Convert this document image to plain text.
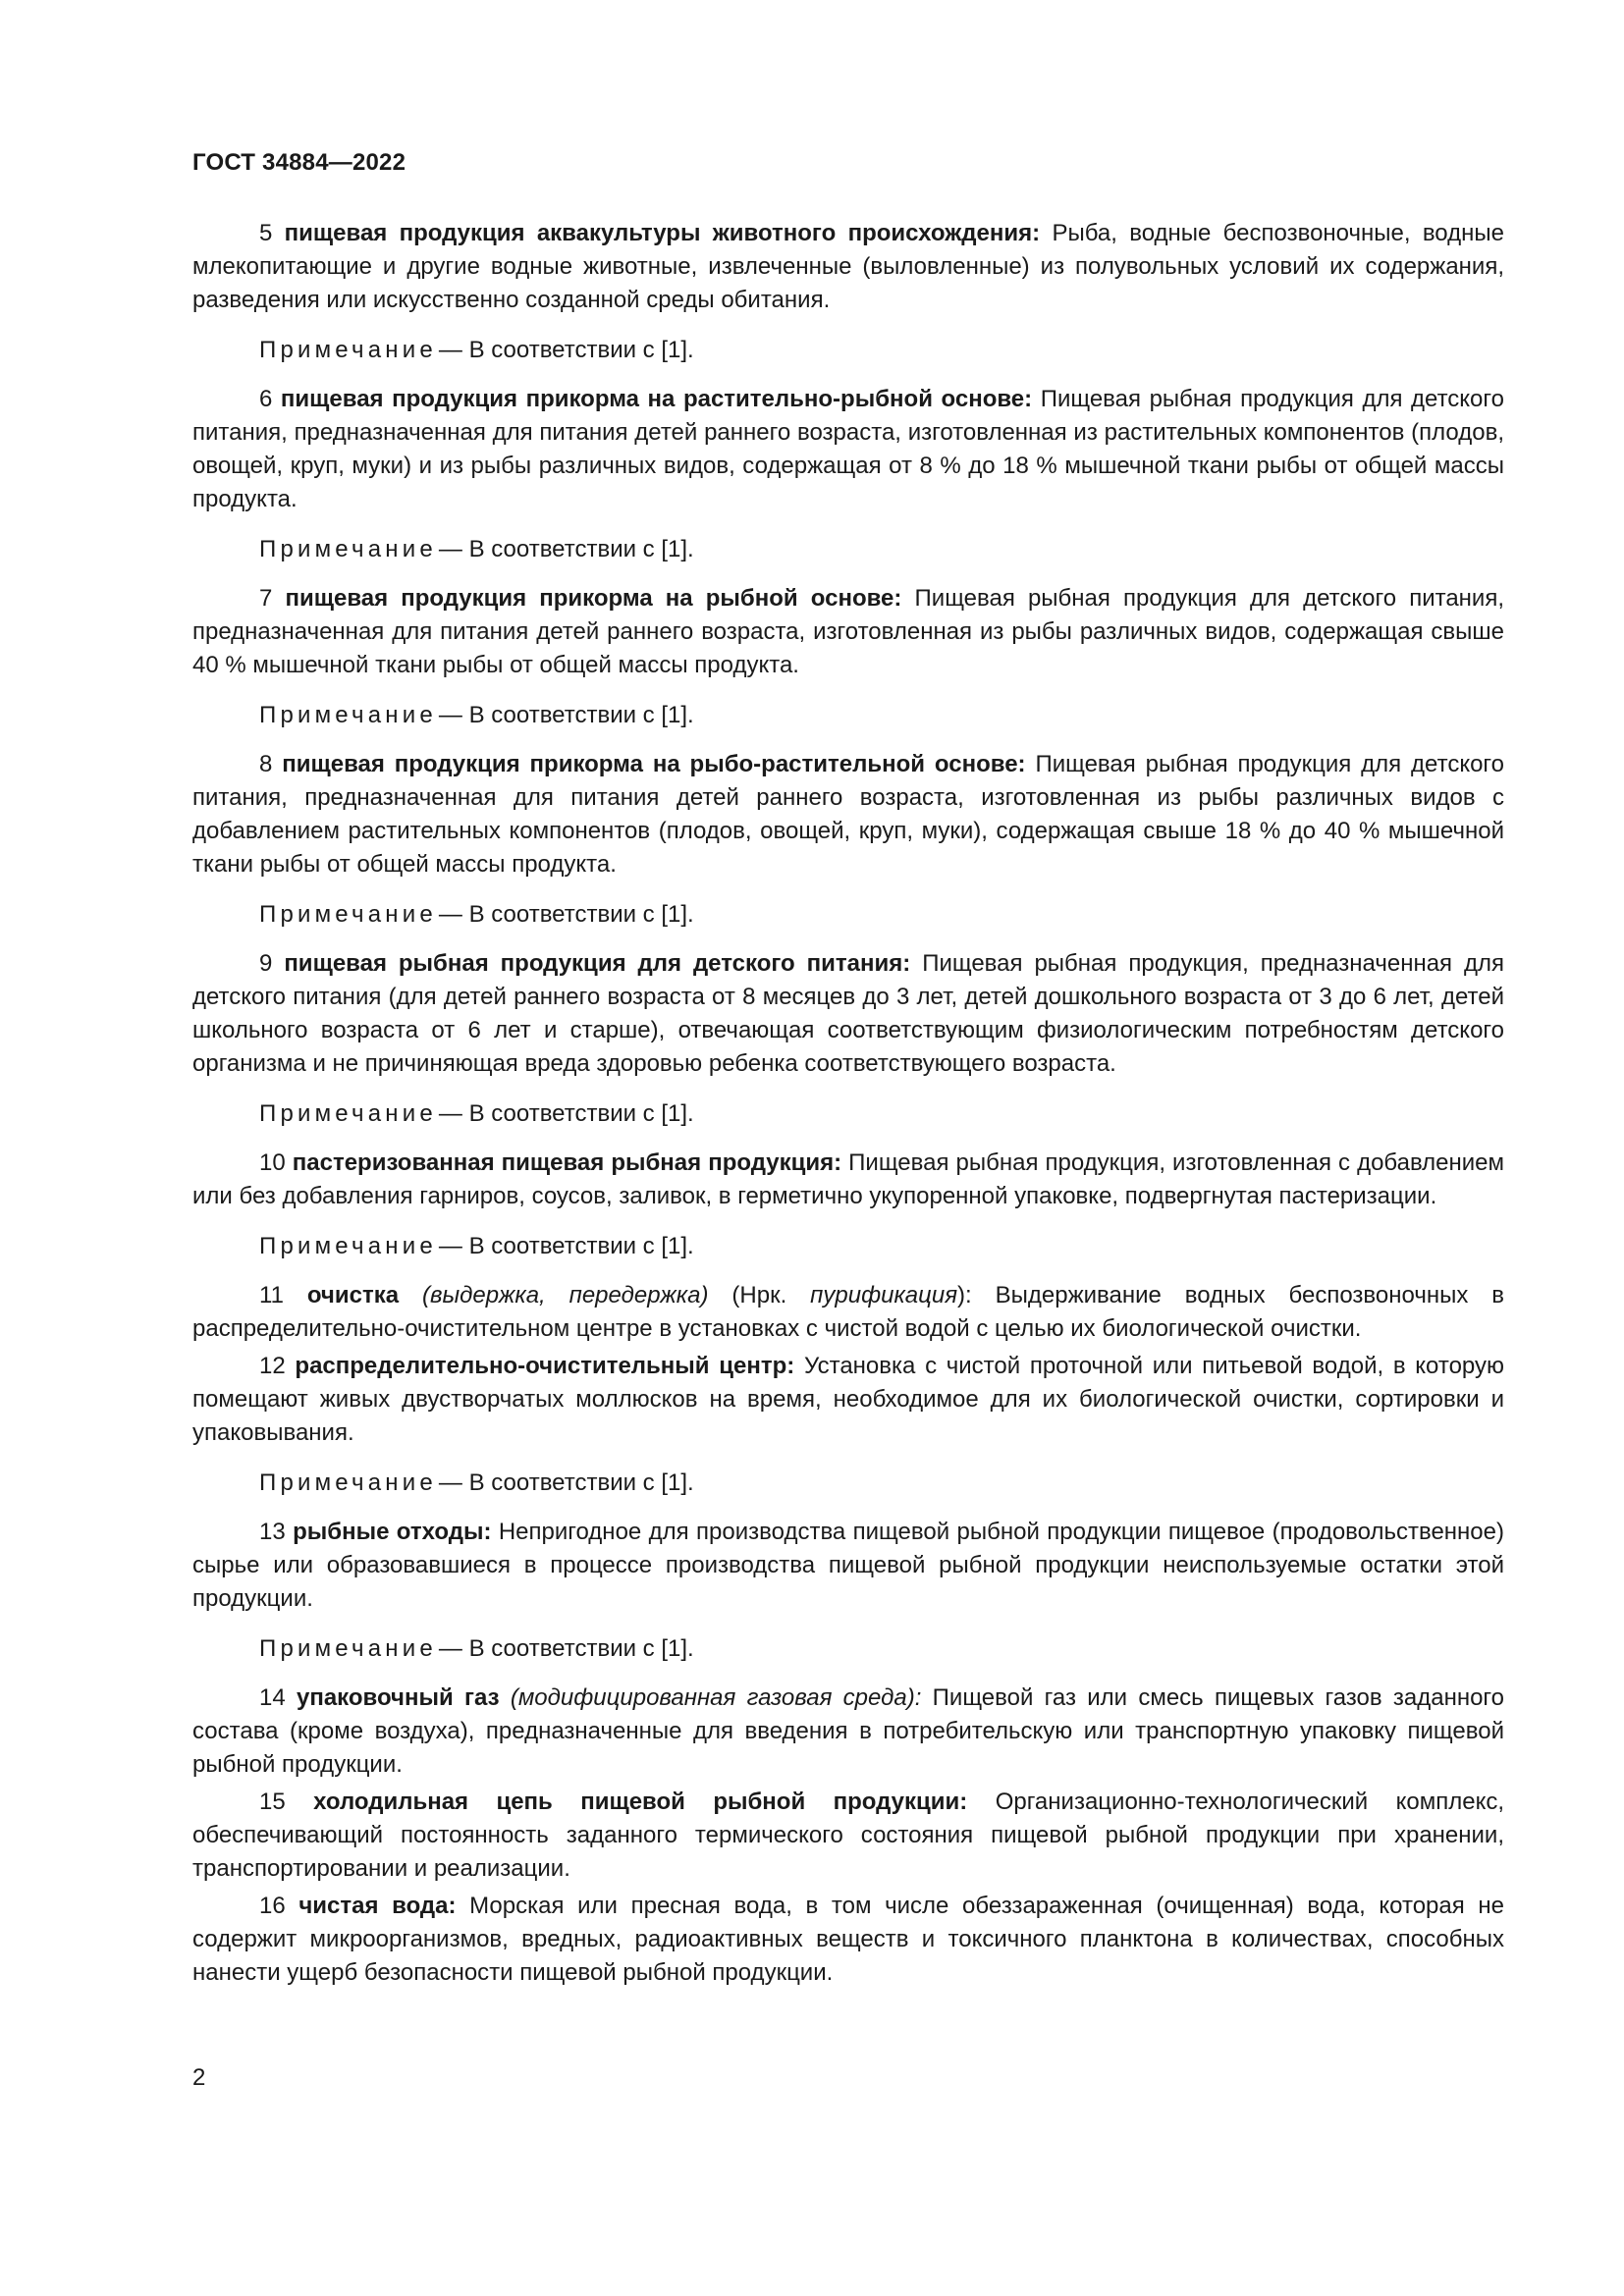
ГОСТ 34884—2022

5 пищевая продукция аквакультуры животного происхождения: Рыба, водные беспозвоночные, водные млекопитающие и другие водные животные, извлеченные (выловленные) из полувольных условий их содержания, разведения или искусственно созданной среды обитания.

Примечание— В соответствии с [1].

6 пищевая продукция прикорма на растительно-рыбной основе: Пищевая рыбная продукция для детского питания, предназначенная для питания детей раннего возраста, изготовленная из растительных компонентов (плодов, овощей, круп, муки) и из рыбы различных видов, содержащая от 8 % до 18 % мышечной ткани рыбы от общей массы продукта.

Примечание— В соответствии с [1].

7 пищевая продукция прикорма на рыбной основе: Пищевая рыбная продукция для детского питания, предназначенная для питания детей раннего возраста, изготовленная из рыбы различных видов, содержащая свыше 40 % мышечной ткани рыбы от общей массы продукта.

Примечание— В соответствии с [1].

8 пищевая продукция прикорма на рыбо-растительной основе: Пищевая рыбная продукция для детского питания, предназначенная для питания детей раннего возраста, изготовленная из рыбы различных видов с добавлением растительных компонентов (плодов, овощей, круп, муки), содержащая свыше 18 % до 40 % мышечной ткани рыбы от общей массы продукта.

Примечание— В соответствии с [1].

9 пищевая рыбная продукция для детского питания: Пищевая рыбная продукция, предназначенная для детского питания (для детей раннего возраста от 8 месяцев до 3 лет, детей дошкольного возраста от 3 до 6 лет, детей школьного возраста от 6 лет и старше), отвечающая соответствующим физиологическим потребностям детского организма и не причиняющая вреда здоровью ребенка соответствующего возраста.

Примечание— В соответствии с [1].

10 пастеризованная пищевая рыбная продукция: Пищевая рыбная продукция, изготовленная с добавлением или без добавления гарниров, соусов, заливок, в герметично укупоренной упаковке, подвергнутая пастеризации.

Примечание— В соответствии с [1].

11 очистка (выдержка, передержка) (Нрк. пурификация): Выдерживание водных беспозвоночных в распределительно-очистительном центре в установках с чистой водой с целью их биологической очистки.

12 распределительно-очистительный центр: Установка с чистой проточной или питьевой водой, в которую помещают живых двустворчатых моллюсков на время, необходимое для их биологической очистки, сортировки и упаковывания.

Примечание— В соответствии с [1].

13 рыбные отходы: Непригодное для производства пищевой рыбной продукции пищевое (продовольственное) сырье или образовавшиеся в процессе производства пищевой рыбной продукции неиспользуемые остатки этой продукции.

Примечание— В соответствии с [1].

14 упаковочный газ (модифицированная газовая среда): Пищевой газ или смесь пищевых газов заданного состава (кроме воздуха), предназначенные для введения в потребительскую или транспортную упаковку пищевой рыбной продукции.

15 холодильная цепь пищевой рыбной продукции: Организационно-технологический комплекс, обеспечивающий постоянность заданного термического состояния пищевой рыбной продукции при хранении, транспортировании и реализации.

16 чистая вода: Морская или пресная вода, в том числе обеззараженная (очищенная) вода, которая не содержит микроорганизмов, вредных, радиоактивных веществ и токсичного планктона в количествах, способных нанести ущерб безопасности пищевой рыбной продукции.

2
